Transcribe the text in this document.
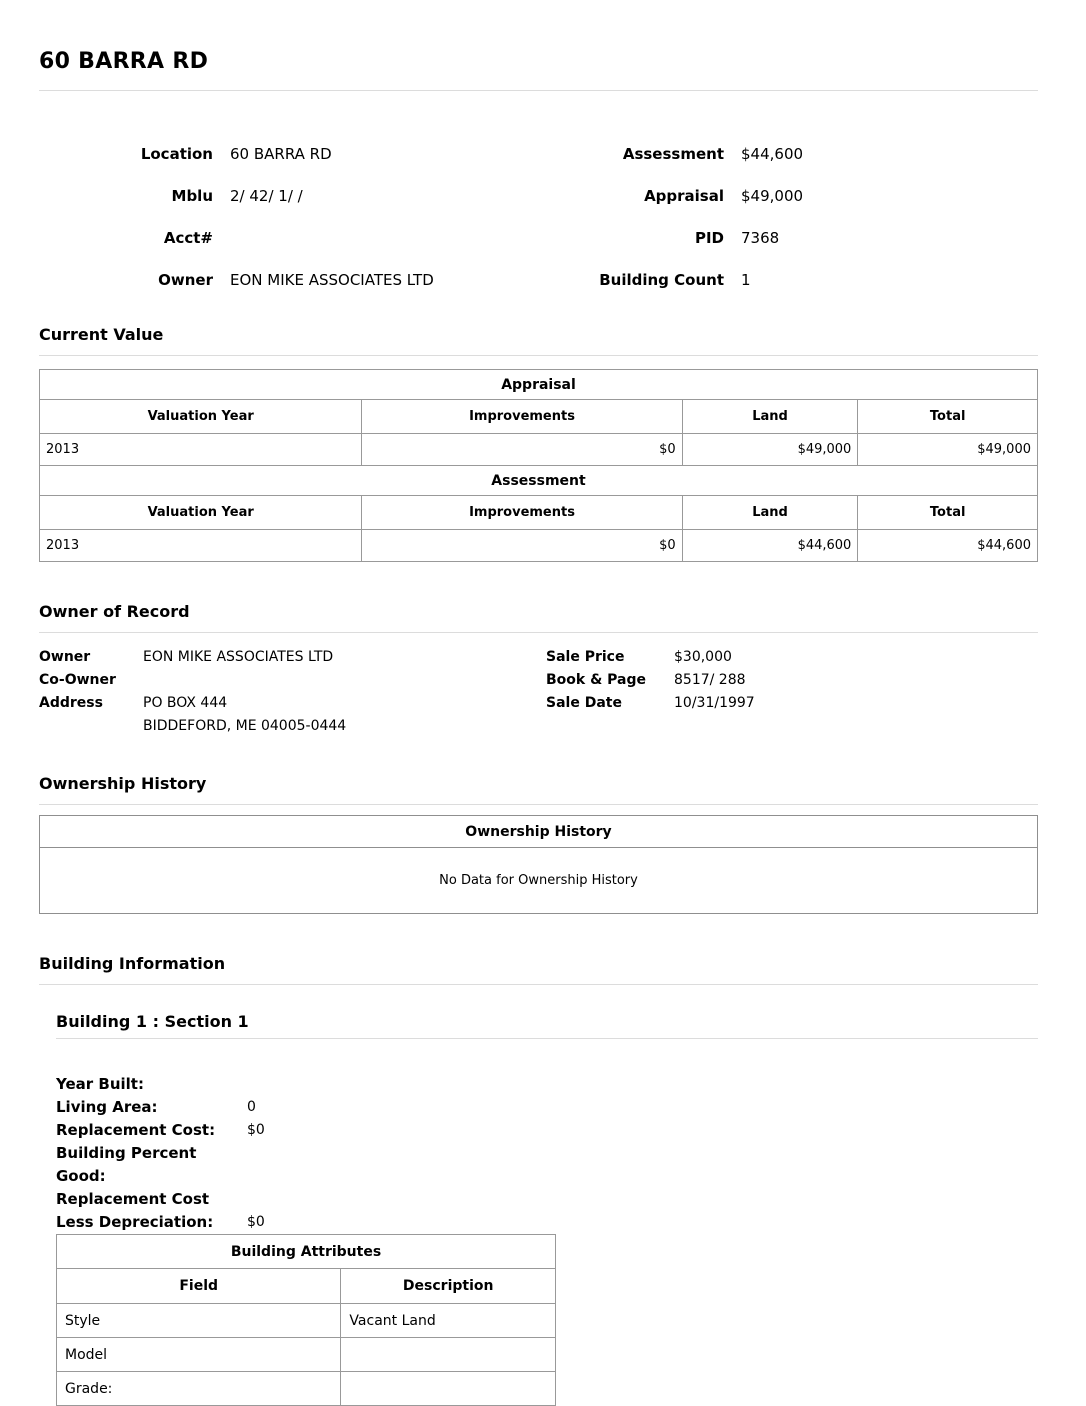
60 BARRA RD
Location 60 BARRA RD	Assessment $44,600
Mblu 2/ 42/ 1/ /	Appraisal $49,000
Acct#	PID 7368
Owner EON MIKE ASSOCIATES LTD	Building Count 1
Current Value
Appraisal			
Valuation Year	Improvements	Land	Total
2013	$0	$49,000	$49,000
Assessment			
Valuation Year	Improvements	Land	Total
2013	$0	$44,600	$44,600
Owner of Record
Owner	EON MIKE ASSOCIATES LTD
Co-Owner
Address	PO BOX 444
BIDDEFORD, ME 04005-0444
Sale Price	$30,000
Book & Page 8517/ 288
Sale Date	10/31/1997
Ownership History
Ownership History
No Data for Ownership History
Building Information
Building 1 : Section 1
Year Built:
Living Area:	0
Replacement Cost:	$0
Building Percent Good:
Replacement Cost Less Depreciation:	$0
Building Attributes	
Field	Description
Style	Vacant Land
Model	
Grade:	
